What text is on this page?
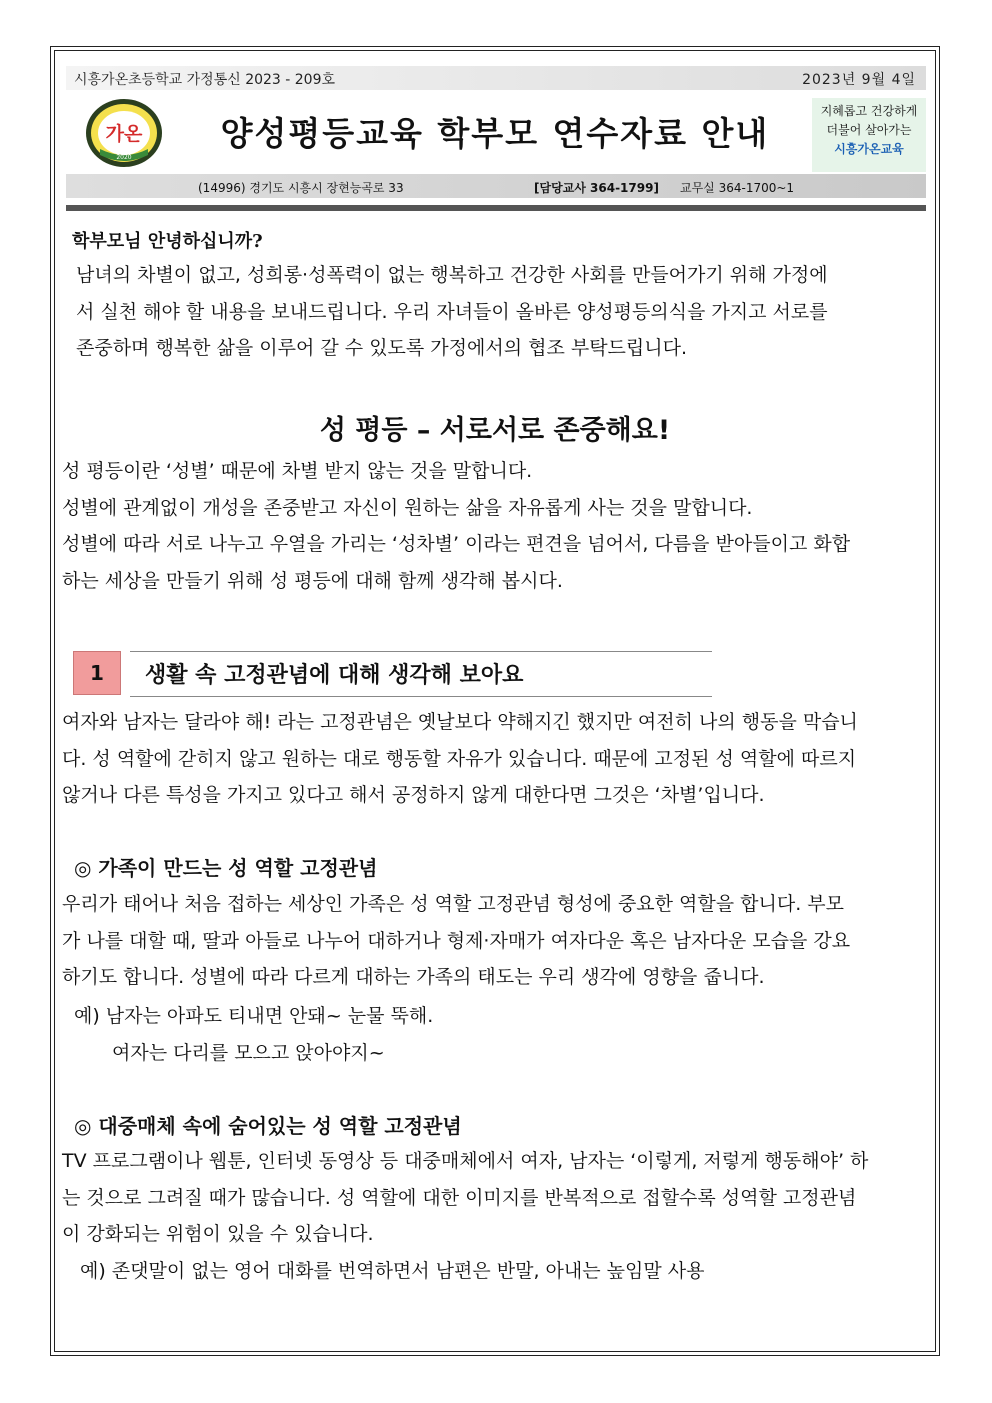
시흥가온초등학교 가정통신 2023 - 209호	2023년 9월 4일
가온
2020
양성평등교육 학부모 연수자료 안내
지혜롭고 건강하게
더불어 살아가는
시흥가온교육
(14996) 경기도 시흥시 장현능곡로 33	[담당교사 364-1799] 교무실 364-1700~1
학부모님 안녕하십니까?
남녀의 차별이 없고, 성희롱·성폭력이 없는 행복하고 건강한 사회를 만들어가기 위해 가정에
서 실천 해야 할 내용을 보내드립니다. 우리 자녀들이 올바른 양성평등의식을 가지고 서로를
존중하며 행복한 삶을 이루어 갈 수 있도록 가정에서의 협조 부탁드립니다.
성 평등 – 서로서로 존중해요!
성 평등이란 ‘성별’ 때문에 차별 받지 않는 것을 말합니다.
성별에 관계없이 개성을 존중받고 자신이 원하는 삶을 자유롭게 사는 것을 말합니다.
성별에 따라 서로 나누고 우열을 가리는 ‘성차별’ 이라는 편견을 넘어서, 다름을 받아들이고 화합
하는 세상을 만들기 위해 성 평등에 대해 함께 생각해 봅시다.
1	생활 속 고정관념에 대해 생각해 보아요
여자와 남자는 달라야 해! 라는 고정관념은 옛날보다 약해지긴 했지만 여전히 나의 행동을 막습니
다. 성 역할에 갇히지 않고 원하는 대로 행동할 자유가 있습니다. 때문에 고정된 성 역할에 따르지
않거나 다른 특성을 가지고 있다고 해서 공정하지 않게 대한다면 그것은 ‘차별’입니다.
◎ 가족이 만드는 성 역할 고정관념
우리가 태어나 처음 접하는 세상인 가족은 성 역할 고정관념 형성에 중요한 역할을 합니다. 부모
가 나를 대할 때, 딸과 아들로 나누어 대하거나 형제·자매가 여자다운 혹은 남자다운 모습을 강요
하기도 합니다. 성별에 따라 다르게 대하는 가족의 태도는 우리 생각에 영향을 줍니다.
예) 남자는 아파도 티내면 안돼~ 눈물 뚝해.
여자는 다리를 모으고 앉아야지~
◎ 대중매체 속에 숨어있는 성 역할 고정관념
TV 프로그램이나 웹툰, 인터넷 동영상 등 대중매체에서 여자, 남자는 ‘이렇게, 저렇게 행동해야’ 하
는 것으로 그려질 때가 많습니다. 성 역할에 대한 이미지를 반복적으로 접할수록 성역할 고정관념
이 강화되는 위험이 있을 수 있습니다.
예) 존댓말이 없는 영어 대화를 번역하면서 남편은 반말, 아내는 높임말 사용
